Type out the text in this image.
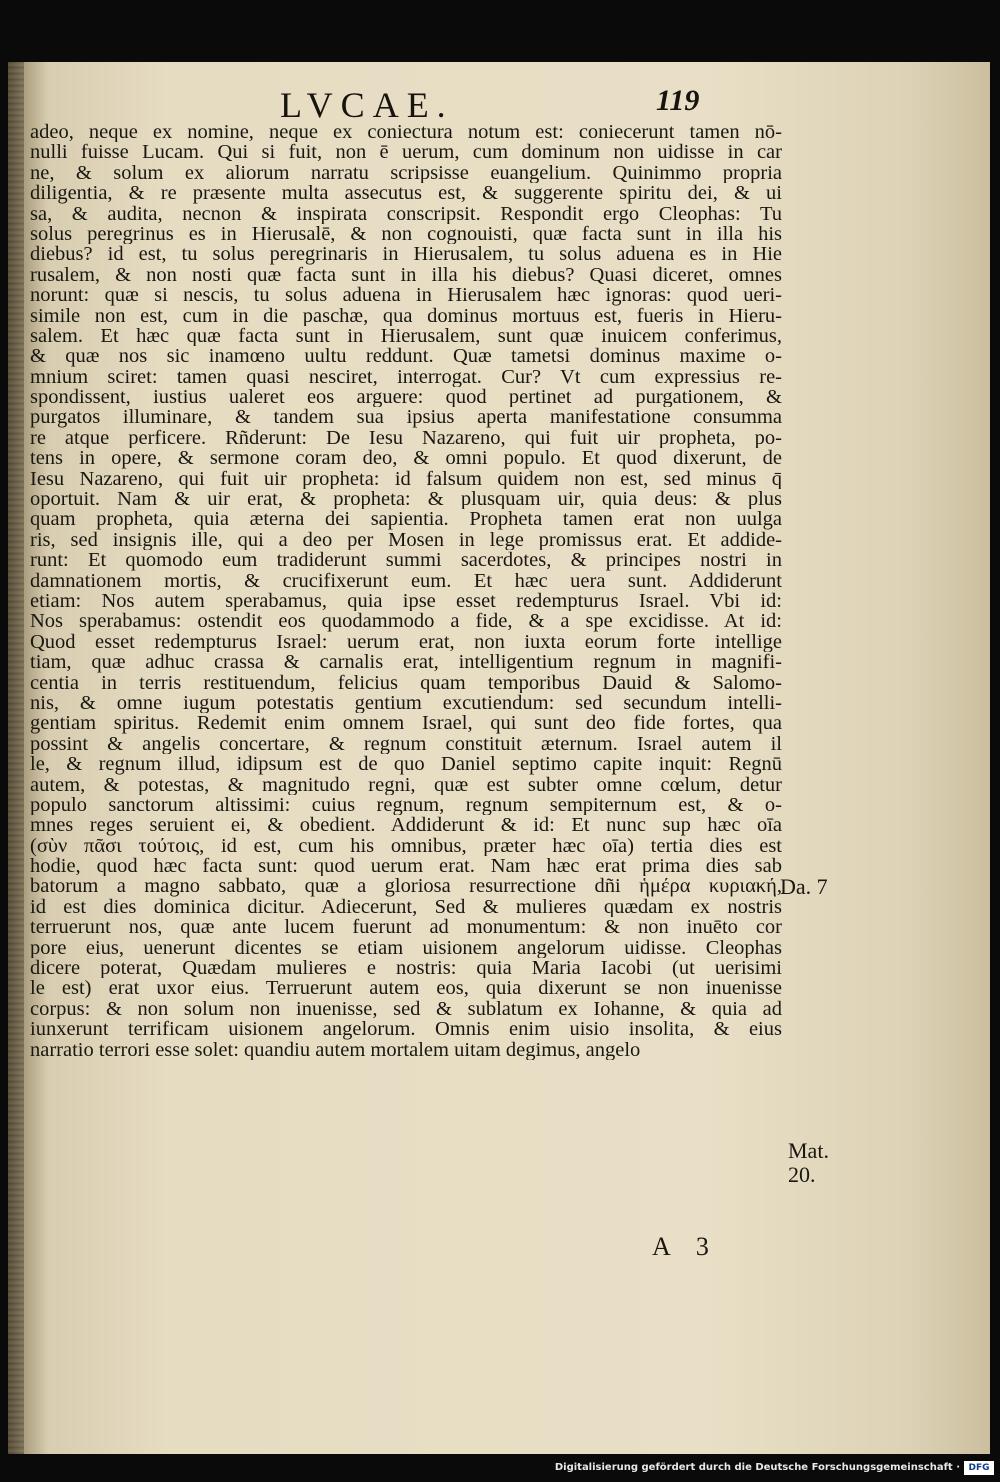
LVCAE.	119
adeo, neque ex nomine, neque ex coniectura notum est: coniecerunt tamen nō-
nulli fuisse Lucam. Qui si fuit, non ē uerum, cum dominum non uidisse in car
ne, & solum ex aliorum narratu scripsisse euangelium. Quinimmo propria
diligentia, & re præsente multa assecutus est, & suggerente spiritu dei, & ui
sa, & audita, necnon & inspirata conscripsit. Respondit ergo Cleophas: Tu
solus peregrinus es in Hierusalē, & non cognouisti, quæ facta sunt in illa his
diebus? id est, tu solus peregrinaris in Hierusalem, tu solus aduena es in Hie
rusalem, & non nosti quæ facta sunt in illa his diebus? Quasi diceret, omnes
norunt: quæ si nescis, tu solus aduena in Hierusalem hæc ignoras: quod ueri-
simile non est, cum in die paschæ, qua dominus mortuus est, fueris in Hieru-
salem. Et hæc quæ facta sunt in Hierusalem, sunt quæ inuicem conferimus,
& quæ nos sic inamœno uultu reddunt. Quæ tametsi dominus maxime o-
mnium sciret: tamen quasi nesciret, interrogat. Cur? Vt cum expressius re-
spondissent, iustius ualeret eos arguere: quod pertinet ad purgationem, &
purgatos illuminare, & tandem sua ipsius aperta manifestatione consumma
re atque perficere. Rñderunt: De Iesu Nazareno, qui fuit uir propheta, po-
tens in opere, & sermone coram deo, & omni populo. Et quod dixerunt, de
Iesu Nazareno, qui fuit uir propheta: id falsum quidem non est, sed minus q̄
oportuit. Nam & uir erat, & propheta: & plusquam uir, quia deus: & plus
quam propheta, quia æterna dei sapientia. Propheta tamen erat non uulga
ris, sed insignis ille, qui a deo per Mosen in lege promissus erat. Et addide-
runt: Et quomodo eum tradiderunt summi sacerdotes, & principes nostri in
damnationem mortis, & crucifixerunt eum. Et hæc uera sunt. Addiderunt
etiam: Nos autem sperabamus, quia ipse esset redempturus Israel. Vbi id:
Nos sperabamus: ostendit eos quodammodo a fide, & a spe excidisse. At id:
Quod esset redempturus Israel: uerum erat, non iuxta eorum forte intellige
tiam, quæ adhuc crassa & carnalis erat, intelligentium regnum in magnifi-
centia in terris restituendum, felicius quam temporibus Dauid & Salomo-
nis, & omne iugum potestatis gentium excutiendum: sed secundum intelli-
gentiam spiritus. Redemit enim omnem Israel, qui sunt deo fide fortes, qua
possint & angelis concertare, & regnum constituit æternum. Israel autem il
le, & regnum illud, idipsum est de quo Daniel septimo capite inquit: Regnū
autem, & potestas, & magnitudo regni, quæ est subter omne cœlum, detur
populo sanctorum altissimi: cuius regnum, regnum sempiternum est, & o-
mnes reges seruient ei, & obedient. Addiderunt & id: Et nunc sup hæc oīa
(σὺν πᾶσι τούτοις, id est, cum his omnibus, præter hæc oīa) tertia dies est
hodie, quod hæc facta sunt: quod uerum erat. Nam hæc erat prima dies sab
batorum a magno sabbato, quæ a gloriosa resurrectione dñi ἡμέρα κυριακή,
id est dies dominica dicitur. Adiecerunt, Sed & mulieres quædam ex nostris
terruerunt nos, quæ ante lucem fuerunt ad monumentum: & non inuēto cor
pore eius, uenerunt dicentes se etiam uisionem angelorum uidisse. Cleophas
dicere poterat, Quædam mulieres e nostris: quia Maria Iacobi (ut uerisimi
le est) erat uxor eius. Terruerunt autem eos, quia dixerunt se non inuenisse
corpus: & non solum non inuenisse, sed & sublatum ex Iohanne, & quia ad
iunxerunt terrificam uisionem angelorum. Omnis enim uisio insolita, & eius
narratio terrori esse solet: quandiu autem mortalem uitam degimus, angelo
Da. 7
Mat.
20.
A 3
Digitalisierung gefördert durch die Deutsche Forschungsgemeinschaft · DFG
